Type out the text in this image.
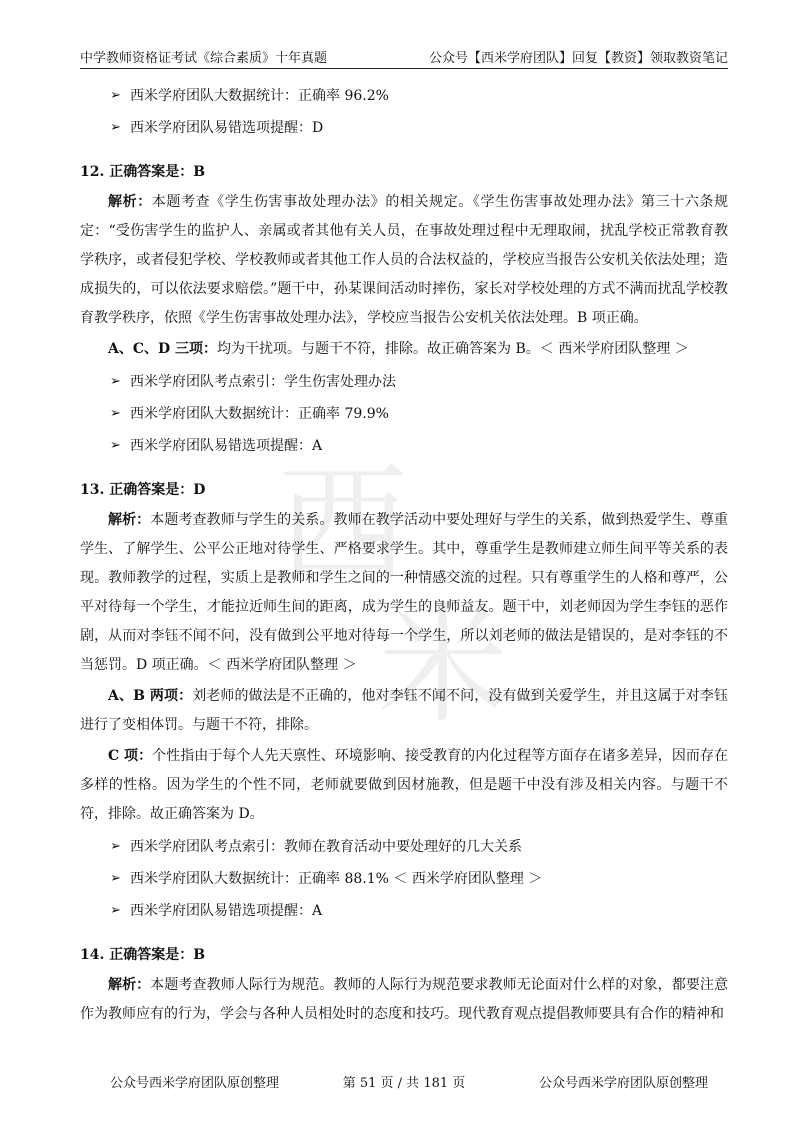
西
米
中学教师资格证考试《综合素质》十年真题	公众号【西米学府团队】回复【教资】领取教资笔记
➢ 西米学府团队大数据统计：正确率 96.2%
➢ 西米学府团队易错选项提醒：D
12. 正确答案是：B

解析：本题考查《学生伤害事故处理办法》的相关规定。《学生伤害事故处理办法》第三十六条规定：“受伤害学生的监护人、亲属或者其他有关人员，在事故处理过程中无理取闹，扰乱学校正常教育教学秩序，或者侵犯学校、学校教师或者其他工作人员的合法权益的，学校应当报告公安机关依法处理；造成损失的，可以依法要求赔偿。”题干中，孙某课间活动时摔伤，家长对学校处理的方式不满而扰乱学校教育教学秩序，依照《学生伤害事故处理办法》，学校应当报告公安机关依法处理。B 项正确。

A、C、D 三项：均为干扰项。与题干不符，排除。故正确答案为 B。＜ 西米学府团队整理 ＞

➢ 西米学府团队考点索引：学生伤害处理办法
➢ 西米学府团队大数据统计：正确率 79.9%
➢ 西米学府团队易错选项提醒：A
13. 正确答案是：D

解析：本题考查教师与学生的关系。教师在教学活动中要处理好与学生的关系，做到热爱学生、尊重学生、了解学生、公平公正地对待学生、严格要求学生。其中，尊重学生是教师建立师生间平等关系的表现。教师教学的过程，实质上是教师和学生之间的一种情感交流的过程。只有尊重学生的人格和尊严，公平对待每一个学生，才能拉近师生间的距离，成为学生的良师益友。题干中，刘老师因为学生李钰的恶作剧，从而对李钰不闻不问，没有做到公平地对待每一个学生，所以刘老师的做法是错误的，是对李钰的不当惩罚。D 项正确。＜ 西米学府团队整理 ＞

A、B 两项：刘老师的做法是不正确的，他对李钰不闻不问，没有做到关爱学生，并且这属于对李钰进行了变相体罚。与题干不符，排除。

C 项：个性指由于每个人先天禀性、环境影响、接受教育的内化过程等方面存在诸多差异，因而存在多样的性格。因为学生的个性不同，老师就要做到因材施教，但是题干中没有涉及相关内容。与题干不符，排除。故正确答案为 D。

➢ 西米学府团队考点索引：教师在教育活动中要处理好的几大关系
➢ 西米学府团队大数据统计：正确率 88.1% ＜ 西米学府团队整理 ＞
➢ 西米学府团队易错选项提醒：A
14. 正确答案是：B

解析：本题考查教师人际行为规范。教师的人际行为规范要求教师无论面对什么样的对象，都要注意作为教师应有的行为，学会与各种人员相处时的态度和技巧。现代教育观点提倡教师要具有合作的精神和

公众号西米学府团队原创整理	第 51 页 / 共 181 页	公众号西米学府团队原创整理
